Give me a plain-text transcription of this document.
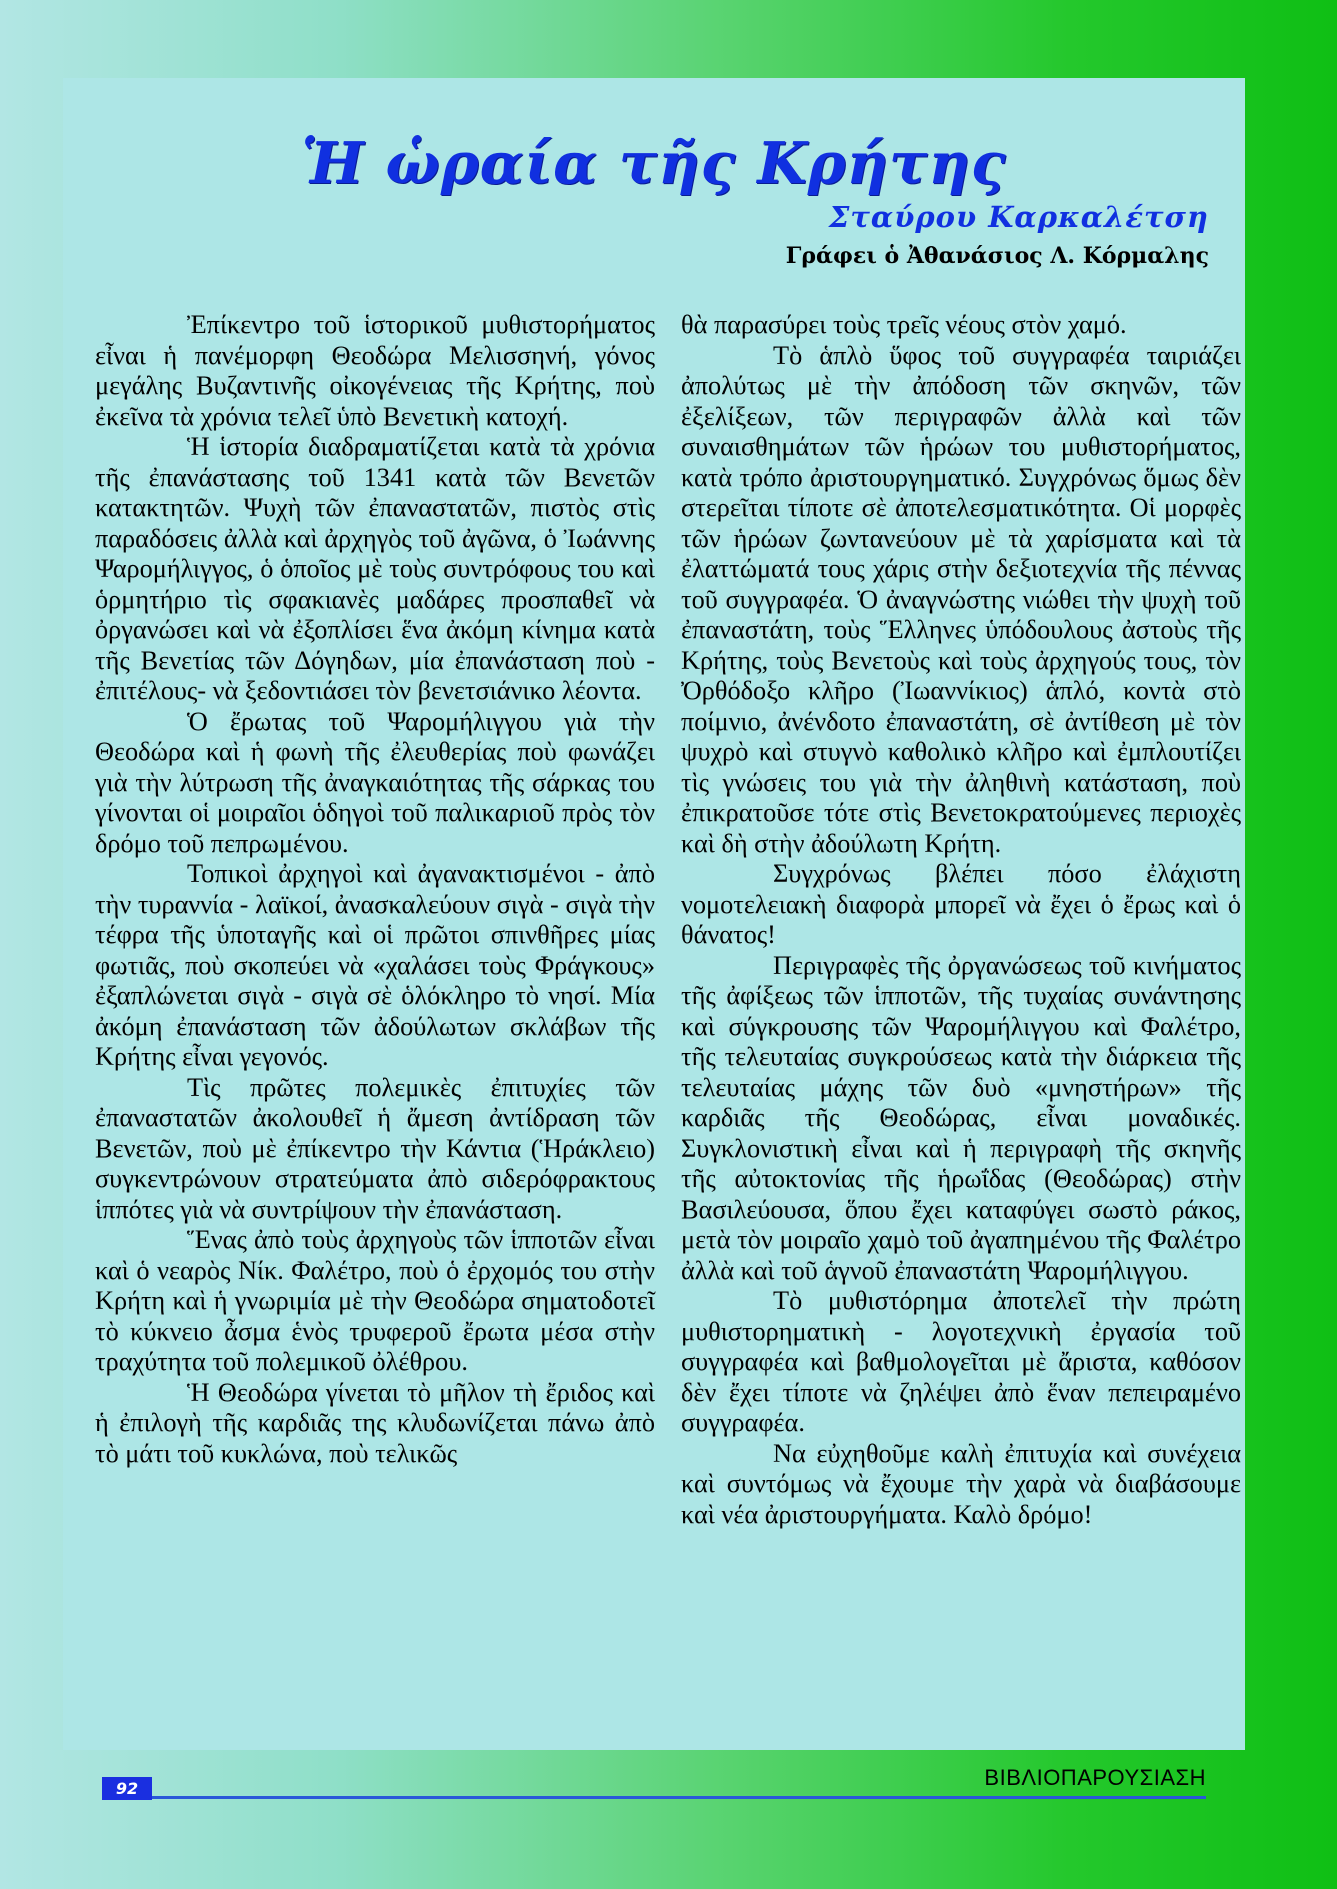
Ἡ ὡραία τῆς Κρήτης
Σταύρου Καρκαλέτση
Γράφει ὁ Ἀθανάσιος Λ. Κόρμαλης

Ἐπίκεντρο τοῦ ἱστορικοῦ μυθιστορήματος εἶναι ἡ πανέμορφη Θεοδώρα Μελισσηνή, γόνος μεγάλης Βυζαντινῆς οἰκογένειας τῆς Κρήτης, ποὺ ἐκεῖνα τὰ χρόνια τελεῖ ὑπὸ Βενετικὴ κατοχή.

Ἡ ἱστορία διαδραματίζεται κατὰ τὰ χρόνια τῆς ἐπανάστασης τοῦ 1341 κατὰ τῶν Βενετῶν κατακτητῶν. Ψυχὴ τῶν ἐπαναστατῶν, πιστὸς στὶς παραδόσεις ἀλλὰ καὶ ἀρχηγὸς τοῦ ἀγῶνα, ὁ Ἰωάννης Ψαρομήλιγγος, ὁ ὁποῖος μὲ τοὺς συντρόφους του καὶ ὁρμητήριο τὶς σφακιανὲς μαδάρες προσπαθεῖ νὰ ὀργανώσει καὶ νὰ ἐξοπλίσει ἕνα ἀκόμη κίνημα κατὰ τῆς Βενετίας τῶν Δόγηδων, μία ἐπανάσταση ποὺ - ἐπιτέλους- νὰ ξεδοντιάσει τὸν βενετσιάνικο λέοντα.

Ὁ ἔρωτας τοῦ Ψαρομήλιγγου γιὰ τὴν Θεοδώρα καὶ ἡ φωνὴ τῆς ἐλευθερίας ποὺ φωνάζει γιὰ τὴν λύτρωση τῆς ἀναγκαιότητας τῆς σάρκας του γίνονται οἱ μοιραῖοι ὁδηγοὶ τοῦ παλικαριοῦ πρὸς τὸν δρόμο τοῦ πεπρωμένου.

Τοπικοὶ ἀρχηγοὶ καὶ ἀγανακτισμένοι - ἀπὸ τὴν τυραννία - λαϊκοί, ἀνασκαλεύουν σιγὰ - σιγὰ τὴν τέφρα τῆς ὑποταγῆς καὶ οἱ πρῶτοι σπινθῆρες μίας φωτιᾶς, ποὺ σκοπεύει νὰ «χαλάσει τοὺς Φράγκους» ἐξαπλώνεται σιγὰ - σιγὰ σὲ ὁλόκληρο τὸ νησί. Μία ἀκόμη ἐπανάσταση τῶν ἀδούλωτων σκλάβων τῆς Κρήτης εἶναι γεγονός.

Τὶς πρῶτες πολεμικὲς ἐπιτυχίες τῶν ἐπαναστατῶν ἀκολουθεῖ ἡ ἄμεση ἀντίδραση τῶν Βενετῶν, ποὺ μὲ ἐπίκεντρο τὴν Κάντια (Ἡράκλειο) συγκεντρώνουν στρατεύματα ἀπὸ σιδερόφρακτους ἱππότες γιὰ νὰ συντρίψουν τὴν ἐπανάσταση.

Ἕνας ἀπὸ τοὺς ἀρχηγοὺς τῶν ἱπποτῶν εἶναι καὶ ὁ νεαρὸς Νίκ. Φαλέτρο, ποὺ ὁ ἐρχομός του στὴν Κρήτη καὶ ἡ γνωριμία μὲ τὴν Θεοδώρα σηματοδοτεῖ τὸ κύκνειο ἆσμα ἑνὸς τρυφεροῦ ἔρωτα μέσα στὴν τραχύτητα τοῦ πολεμικοῦ ὀλέθρου.

Ἡ Θεοδώρα γίνεται τὸ μῆλον τὴ ἔριδος καὶ ἡ ἐπιλογὴ τῆς καρδιᾶς της κλυδωνίζεται πάνω ἀπὸ τὸ μάτι τοῦ κυκλώνα, ποὺ τελικῶς

θὰ παρασύρει τοὺς τρεῖς νέους στὸν χαμό.

Τὸ ἁπλὸ ὕφος τοῦ συγγραφέα ταιριάζει ἀπολύτως μὲ τὴν ἀπόδοση τῶν σκηνῶν, τῶν ἐξελίξεων, τῶν περιγραφῶν ἀλλὰ καὶ τῶν συναισθημάτων τῶν ἡρώων του μυθιστορήματος, κατὰ τρόπο ἀριστουργηματικό. Συγχρόνως ὅμως δὲν στερεῖται τίποτε σὲ ἀποτελεσματικότητα. Οἱ μορφὲς τῶν ἡρώων ζωντανεύουν μὲ τὰ χαρίσματα καὶ τὰ ἐλαττώματά τους χάρις στὴν δεξιοτεχνία τῆς πέννας τοῦ συγγραφέα. Ὁ ἀναγνώστης νιώθει τὴν ψυχὴ τοῦ ἐπαναστάτη, τοὺς Ἕλληνες ὑπόδουλους ἀστοὺς τῆς Κρήτης, τοὺς Βενετοὺς καὶ τοὺς ἀρχηγούς τους, τὸν Ὀρθόδοξο κλῆρο (Ἰωαννίκιος) ἁπλό, κοντὰ στὸ ποίμνιο, ἀνένδοτο ἐπαναστάτη, σὲ ἀντίθεση μὲ τὸν ψυχρὸ καὶ στυγνὸ καθολικὸ κλῆρο καὶ ἐμπλουτίζει τὶς γνώσεις του γιὰ τὴν ἀληθινὴ κατάσταση, ποὺ ἐπικρατοῦσε τότε στὶς Βενετοκρατούμενες περιοχὲς καὶ δὴ στὴν ἀδούλωτη Κρήτη.

Συγχρόνως βλέπει πόσο ἐλάχιστη νομοτελειακὴ διαφορὰ μπορεῖ νὰ ἔχει ὁ ἔρως καὶ ὁ θάνατος!

Περιγραφὲς τῆς ὀργανώσεως τοῦ κινήματος τῆς ἀφίξεως τῶν ἱπποτῶν, τῆς τυχαίας συνάντησης καὶ σύγκρουσης τῶν Ψαρομήλιγγου καὶ Φαλέτρο, τῆς τελευταίας συγκρούσεως κατὰ τὴν διάρκεια τῆς τελευταίας μάχης τῶν δυὸ «μνηστήρων» τῆς καρδιᾶς τῆς Θεοδώρας, εἶναι μοναδικές. Συγκλονιστικὴ εἶναι καὶ ἡ περιγραφὴ τῆς σκηνῆς τῆς αὐτοκτονίας τῆς ἡρωΐδας (Θεοδώρας) στὴν Βασιλεύουσα, ὅπου ἔχει καταφύγει σωστὸ ράκος, μετὰ τὸν μοιραῖο χαμὸ τοῦ ἀγαπημένου τῆς Φαλέτρο ἀλλὰ καὶ τοῦ ἁγνοῦ ἐπαναστάτη Ψαρομήλιγγου.

Τὸ μυθιστόρημα ἀποτελεῖ τὴν πρώτη μυθιστορηματικὴ - λογοτεχνικὴ ἐργασία τοῦ συγγραφέα καὶ βαθμολογεῖται μὲ ἄριστα, καθόσον δὲν ἔχει τίποτε νὰ ζηλέψει ἀπὸ ἕναν πεπειραμένο συγγραφέα.

Να εὐχηθοῦμε καλὴ ἐπιτυχία καὶ συνέχεια καὶ συντόμως νὰ ἔχουμε τὴν χαρὰ νὰ διαβάσουμε καὶ νέα ἀριστουργήματα. Καλὸ δρόμο!

92	ΒΙΒΛΙΟΠΑΡΟΥΣΙΑΣΗ
